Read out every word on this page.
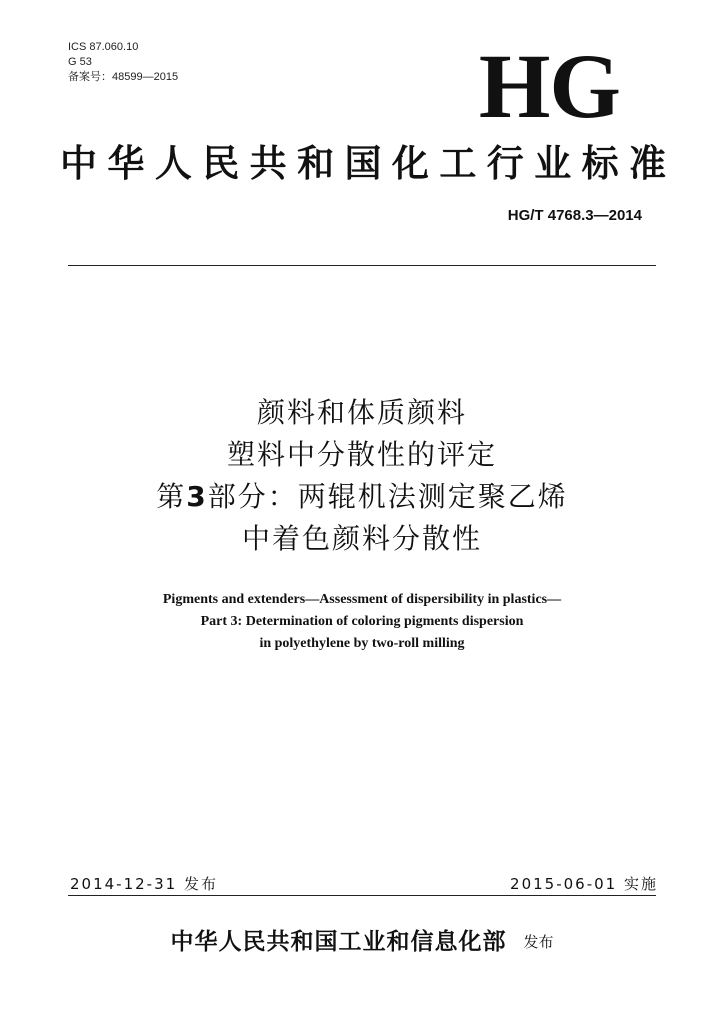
ICS 87.060.10
G 53
备案号：48599—2015	HG
中华人民共和国化工行业标准
HG/T 4768.3—2014
颜料和体质颜料
塑料中分散性的评定
第3部分：两辊机法测定聚乙烯
中着色颜料分散性
Pigments and extenders—Assessment of dispersibility in plastics—
Part 3: Determination of coloring pigments dispersion
in polyethylene by two-roll milling
2014-12-31 发布	2015-06-01 实施
中华人民共和国工业和信息化部 发布
